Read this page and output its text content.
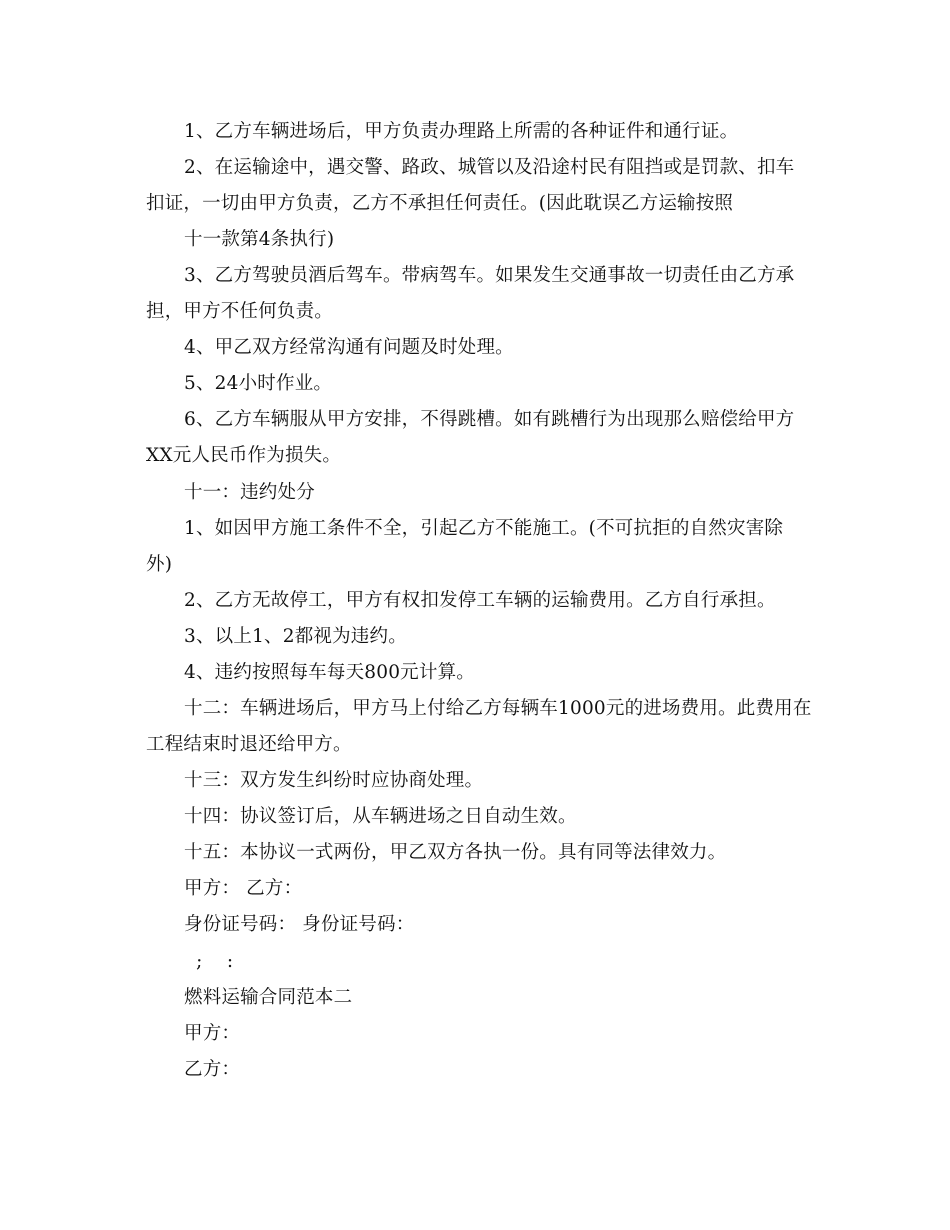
1、乙方车辆进场后，甲方负责办理路上所需的各种证件和通行证。
2、在运输途中，遇交警、路政、城管以及沿途村民有阻挡或是罚款、扣车
扣证，一切由甲方负责，乙方不承担任何责任。(因此耽误乙方运输按照
十一款第4条执行)
3、乙方驾驶员酒后驾车。带病驾车。如果发生交通事故一切责任由乙方承
担，甲方不任何负责。
4、甲乙双方经常沟通有问题及时处理。
5、24小时作业。
6、乙方车辆服从甲方安排，不得跳槽。如有跳槽行为出现那么赔偿给甲方
XX元人民币作为损失。
十一：违约处分
1、如因甲方施工条件不全，引起乙方不能施工。(不可抗拒的自然灾害除
外)
2、乙方无故停工，甲方有权扣发停工车辆的运输费用。乙方自行承担。
3、以上1、2都视为违约。
4、违约按照每车每天800元计算。
十二：车辆进场后，甲方马上付给乙方每辆车1000元的进场费用。此费用在
工程结束时退还给甲方。
十三：双方发生纠纷时应协商处理。
十四：协议签订后，从车辆进场之日自动生效。
十五：本协议一式两份，甲乙双方各执一份。具有同等法律效力。
甲方： 乙方：
身份证号码： 身份证号码：
;    :
燃料运输合同范本二
甲方：
乙方：
